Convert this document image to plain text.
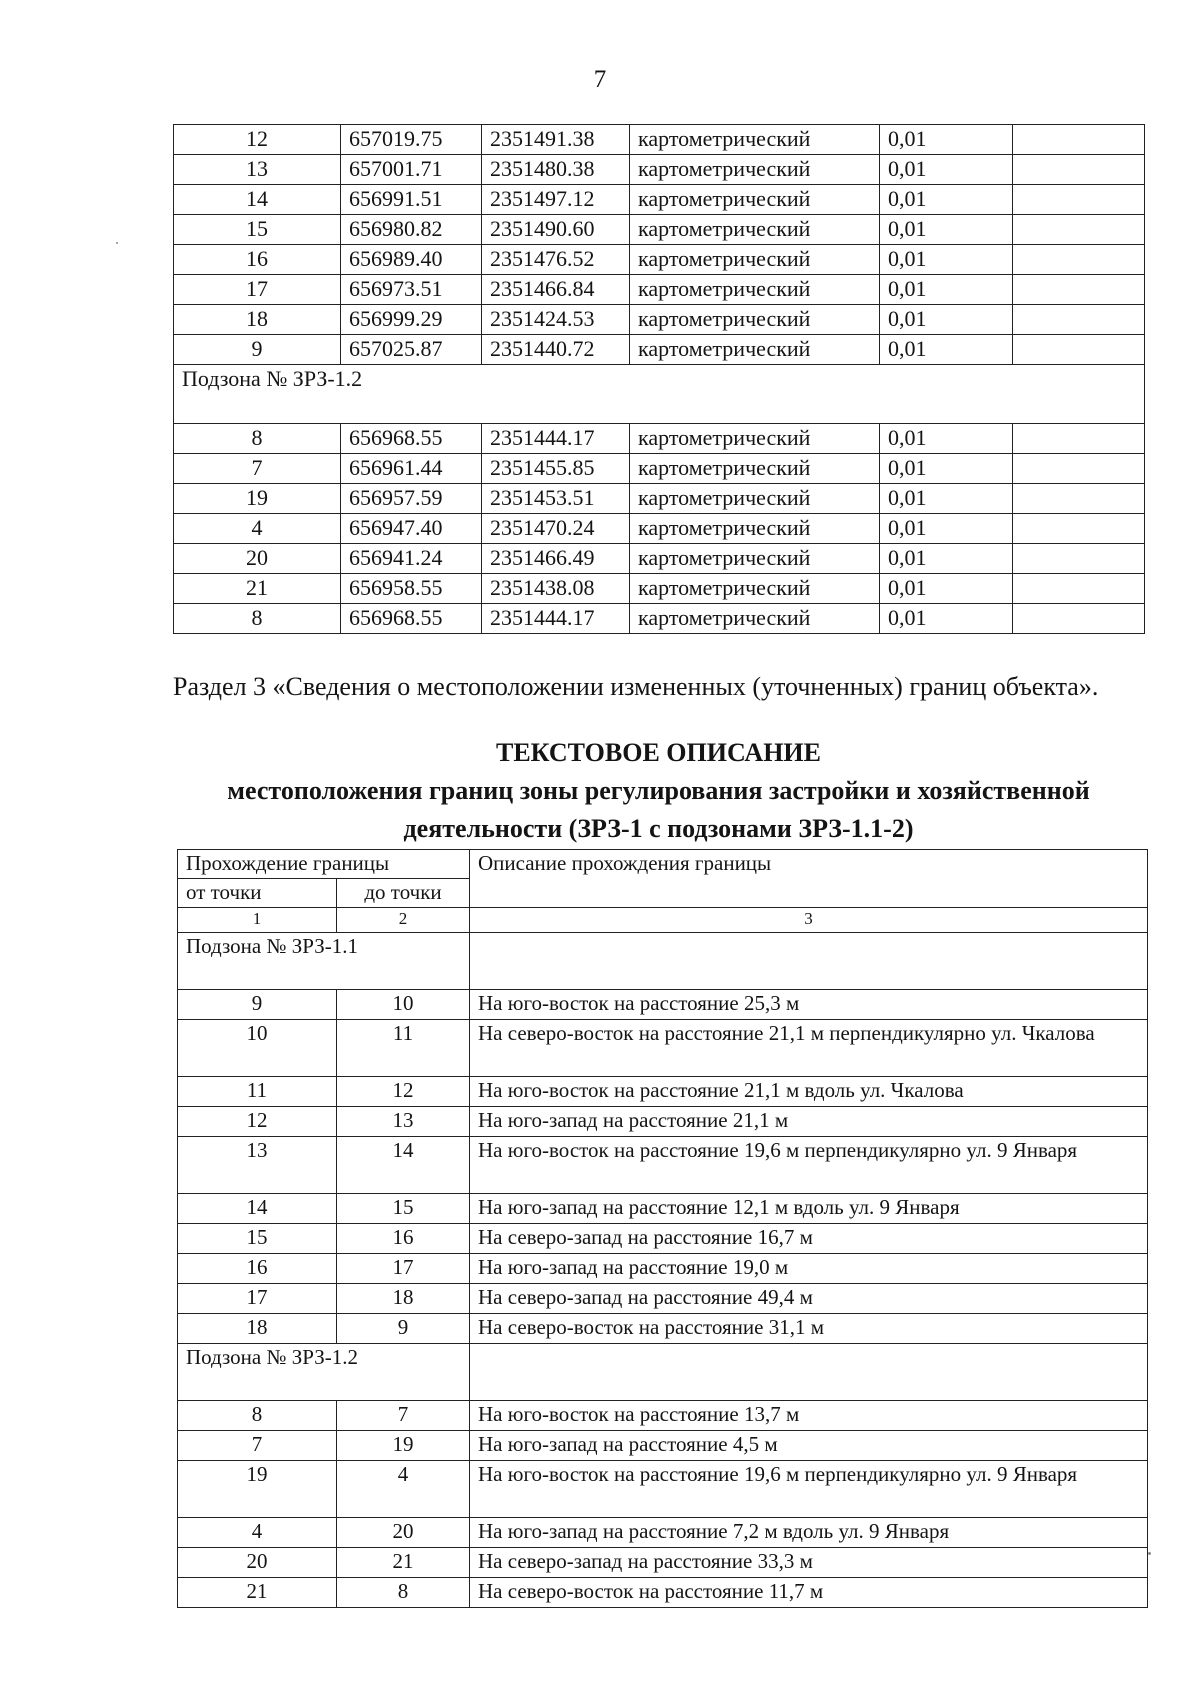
7
12	657019.75	2351491.38	картометрический	0,01	
13	657001.71	2351480.38	картометрический	0,01	
14	656991.51	2351497.12	картометрический	0,01	
15	656980.82	2351490.60	картометрический	0,01	
16	656989.40	2351476.52	картометрический	0,01	
17	656973.51	2351466.84	картометрический	0,01	
18	656999.29	2351424.53	картометрический	0,01	
9	657025.87	2351440.72	картометрический	0,01	
Подзона № ЗРЗ-1.2					
8	656968.55	2351444.17	картометрический	0,01	
7	656961.44	2351455.85	картометрический	0,01	
19	656957.59	2351453.51	картометрический	0,01	
4	656947.40	2351470.24	картометрический	0,01	
20	656941.24	2351466.49	картометрический	0,01	
21	656958.55	2351438.08	картометрический	0,01	
8	656968.55	2351444.17	картометрический	0,01	
Раздел 3 «Сведения о местоположении измененных (уточненных) границ объекта».
ТЕКСТОВОЕ ОПИСАНИЕ
местоположения границ зоны регулирования застройки и хозяйственной
деятельности (ЗРЗ-1 с подзонами ЗРЗ-1.1-2)
Прохождение границы		Описание прохождения границы
от точки	до точки	
1	2	3
Подзона № ЗРЗ-1.1		
9	10	На юго-восток на расстояние 25,3 м
10	11	На северо-восток на расстояние 21,1 м перпендикулярно ул. Чкалова
11	12	На юго-восток на расстояние 21,1 м вдоль ул. Чкалова
12	13	На юго-запад на расстояние 21,1 м
13	14	На юго-восток на расстояние 19,6 м перпендикулярно ул. 9 Января
14	15	На юго-запад на расстояние 12,1 м вдоль ул. 9 Января
15	16	На северо-запад на расстояние 16,7 м
16	17	На юго-запад на расстояние 19,0 м
17	18	На северо-запад на расстояние 49,4 м
18	9	На северо-восток на расстояние 31,1 м
Подзона № ЗРЗ-1.2		
8	7	На юго-восток на расстояние 13,7 м
7	19	На юго-запад на расстояние 4,5 м
19	4	На юго-восток на расстояние 19,6 м перпендикулярно ул. 9 Января
4	20	На юго-запад на расстояние 7,2 м вдоль ул. 9 Января
20	21	На северо-запад на расстояние 33,3 м
21	8	На северо-восток на расстояние 11,7 м
